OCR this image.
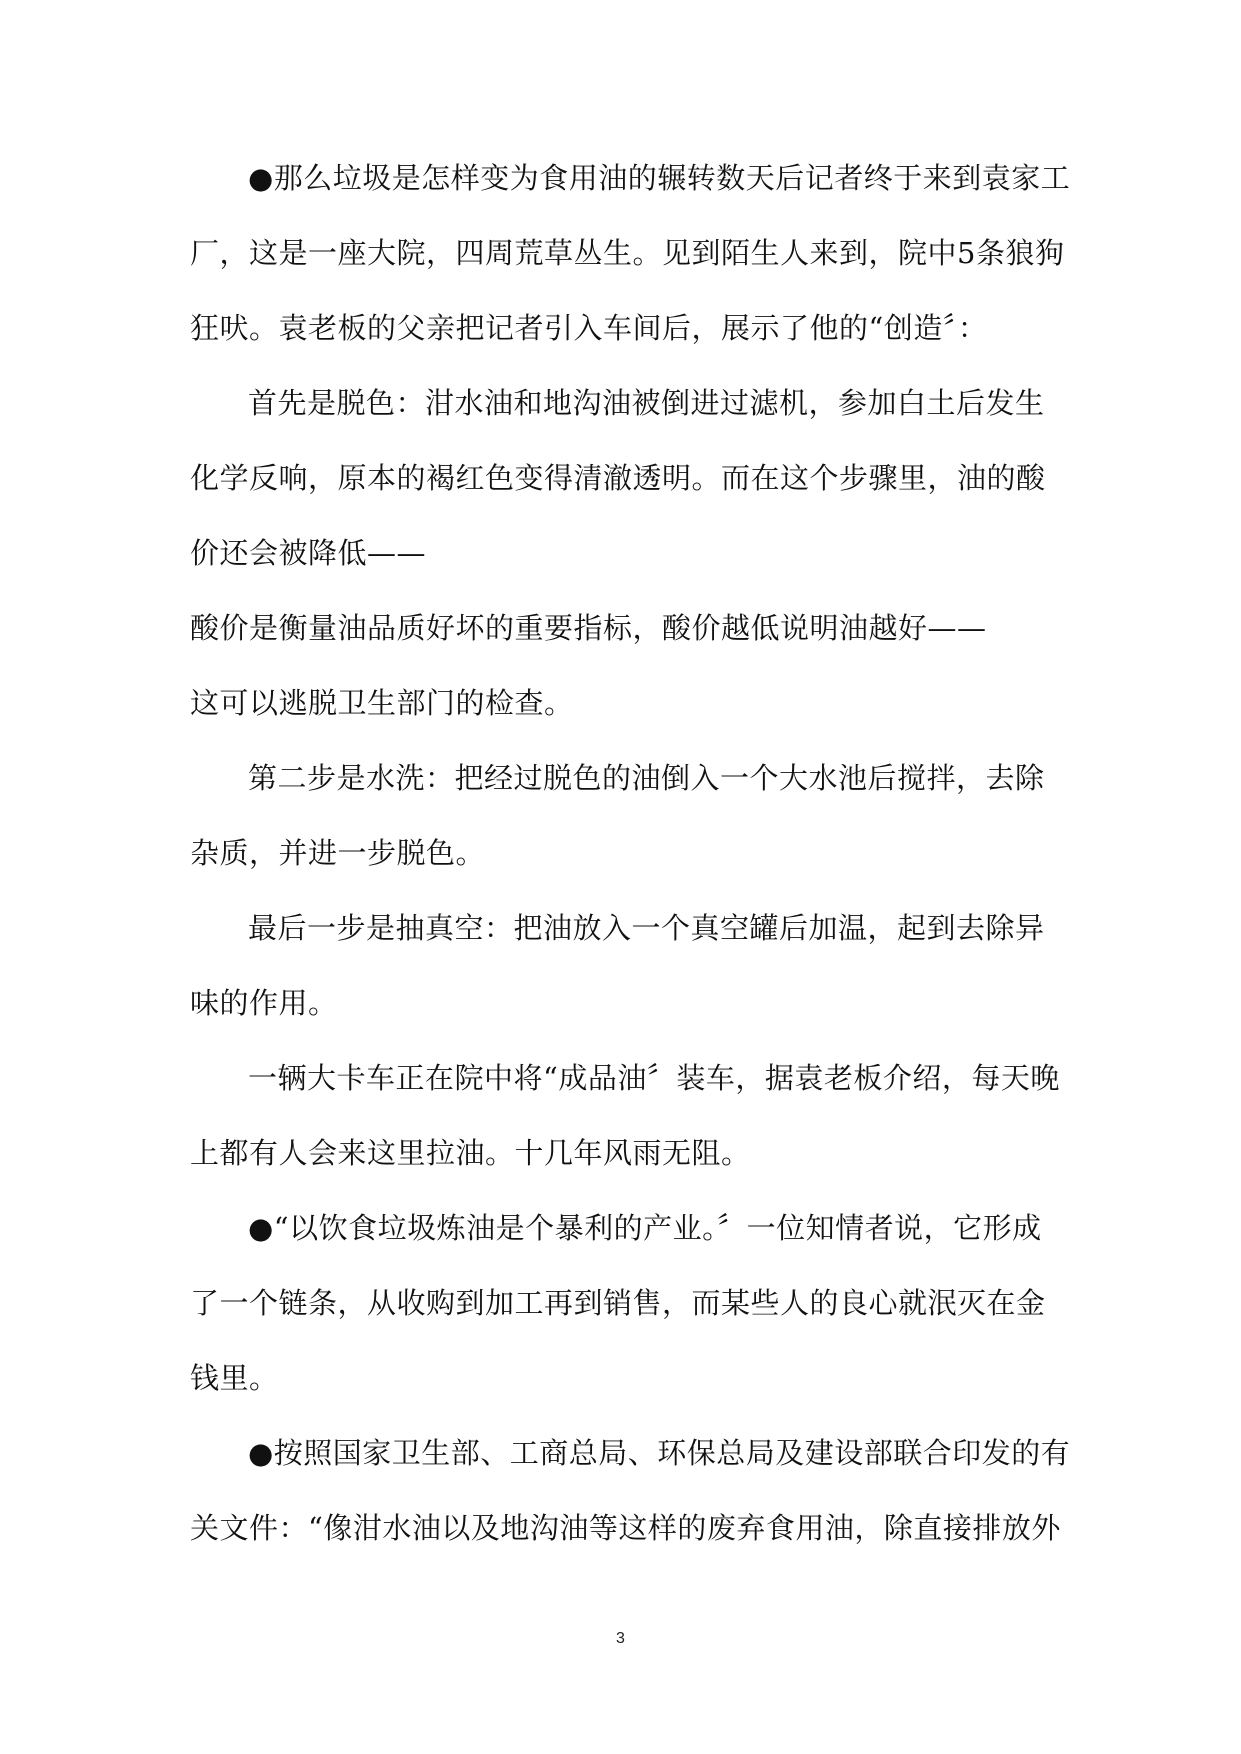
●那么垃圾是怎样变为食用油的辗转数天后记者终于来到袁家工
厂，这是一座大院，四周荒草丛生。见到陌生人来到，院中5条狼狗
狂吠。袁老板的父亲把记者引入车间后，展示了他的“创造〞：
首先是脱色：泔水油和地沟油被倒进过滤机，参加白土后发生
化学反响，原本的褐红色变得清澈透明。而在这个步骤里，油的酸
价还会被降低——
酸价是衡量油品质好坏的重要指标，酸价越低说明油越好——
这可以逃脱卫生部门的检查。
第二步是水洗：把经过脱色的油倒入一个大水池后搅拌，去除
杂质，并进一步脱色。
最后一步是抽真空：把油放入一个真空罐后加温，起到去除异
味的作用。
一辆大卡车正在院中将“成品油〞装车，据袁老板介绍，每天晚
上都有人会来这里拉油。十几年风雨无阻。
●“以饮食垃圾炼油是个暴利的产业。〞一位知情者说，它形成
了一个链条，从收购到加工再到销售，而某些人的良心就泯灭在金
钱里。
●按照国家卫生部、工商总局、环保总局及建设部联合印发的有
关文件：“像泔水油以及地沟油等这样的废弃食用油，除直接排放外
3
